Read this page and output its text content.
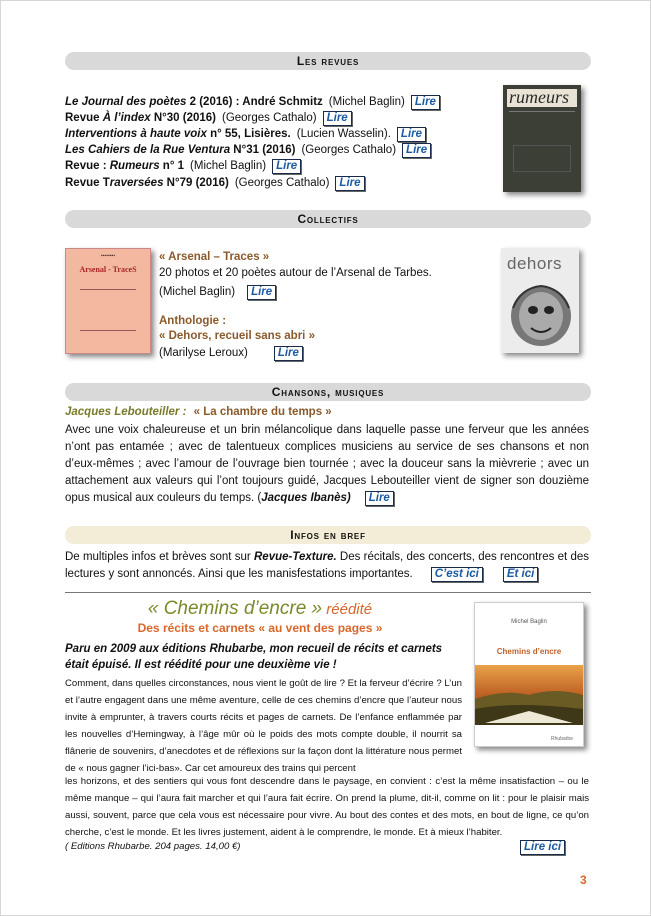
Les revues
Le Journal des poètes 2 (2016) : André Schmitz (Michel Baglin) Lire
Revue À l’index N°30 (2016) (Georges Cathalo) Lire
Interventions à haute voix n° 55, Lisières. (Lucien Wasselin). Lire
Les Cahiers de la Rue Ventura N°31 (2016) (Georges Cathalo) Lire
Revue : Rumeurs n° 1 (Michel Baglin) Lire
Revue Traversées N°79 (2016) (Georges Cathalo) Lire
rumeurs
Collectifs
▪▪▪▪▪▪▪▪
Arsenal - TraceS
« Arsenal – Traces »
20 photos et 20 poètes autour de l’Arsenal de Tarbes.
(Michel Baglin) Lire
Anthologie :
« Dehors, recueil sans abri »
(Marilyse Leroux)	Lire
dehors
Chansons, musiques
Jacques Lebouteiller : « La chambre du temps »
Avec une voix chaleureuse et un brin mélancolique dans laquelle passe une ferveur que les années n’ont pas entamée ; avec de talentueux complices musiciens au service de ses chansons et non d’eux-mêmes ; avec l’amour de l’ouvrage bien tournée ; avec la douceur sans la mièvrerie ; avec un attachement aux valeurs qui l’ont toujours guidé, Jacques Lebouteiller vient de signer son douzième opus musical aux couleurs du temps. (Jacques Ibanès) Lire
Infos en bref
De multiples infos et brèves sont sur Revue-Texture. Des récitals, des concerts, des rencontres et des lectures y sont annoncés. Ainsi que les manisfestations importantes. C’est ici Et ici
« Chemins d’encre » réédité
Des récits et carnets « au vent des pages »
Paru en 2009 aux éditions Rhubarbe, mon recueil de récits et carnets était épuisé. Il est réédité pour une deuxième vie !
Comment, dans quelles circonstances, nous vient le goût de lire ? Et la ferveur d’écrire ? L’un et l’autre engagent dans une même aventure, celle de ces chemins d’encre que l’auteur nous invite à emprunter, à travers courts récits et pages de carnets. De l’enfance enflammée par les nouvelles d’Hemingway, à l’âge mûr où le poids des mots compte double, il nourrit sa flânerie de souvenirs, d’anecdotes et de réflexions sur la façon dont la littérature nous permet de « nous gagner l’ici-bas». Car cet amoureux des trains qui percent
les horizons, et des sentiers qui vous font descendre dans le paysage, en convient : c’est la même insatisfaction – ou le même manque – qui l’aura fait marcher et qui l’aura fait écrire. On prend la plume, dit-il, comme on lit : pour le plaisir mais aussi, souvent, parce que cela vous est nécessaire pour vivre. Au bout des contes et des mots, en bout de ligne, ce qu’on cherche, c’est le monde. Et les livres justement, aident à le comprendre, le monde. Et à mieux l’habiter.
( Editions Rhubarbe. 204 pages. 14,00 €)	Lire ici
Michel Baglin
Chemins d’encre
Rhubarbe
3
